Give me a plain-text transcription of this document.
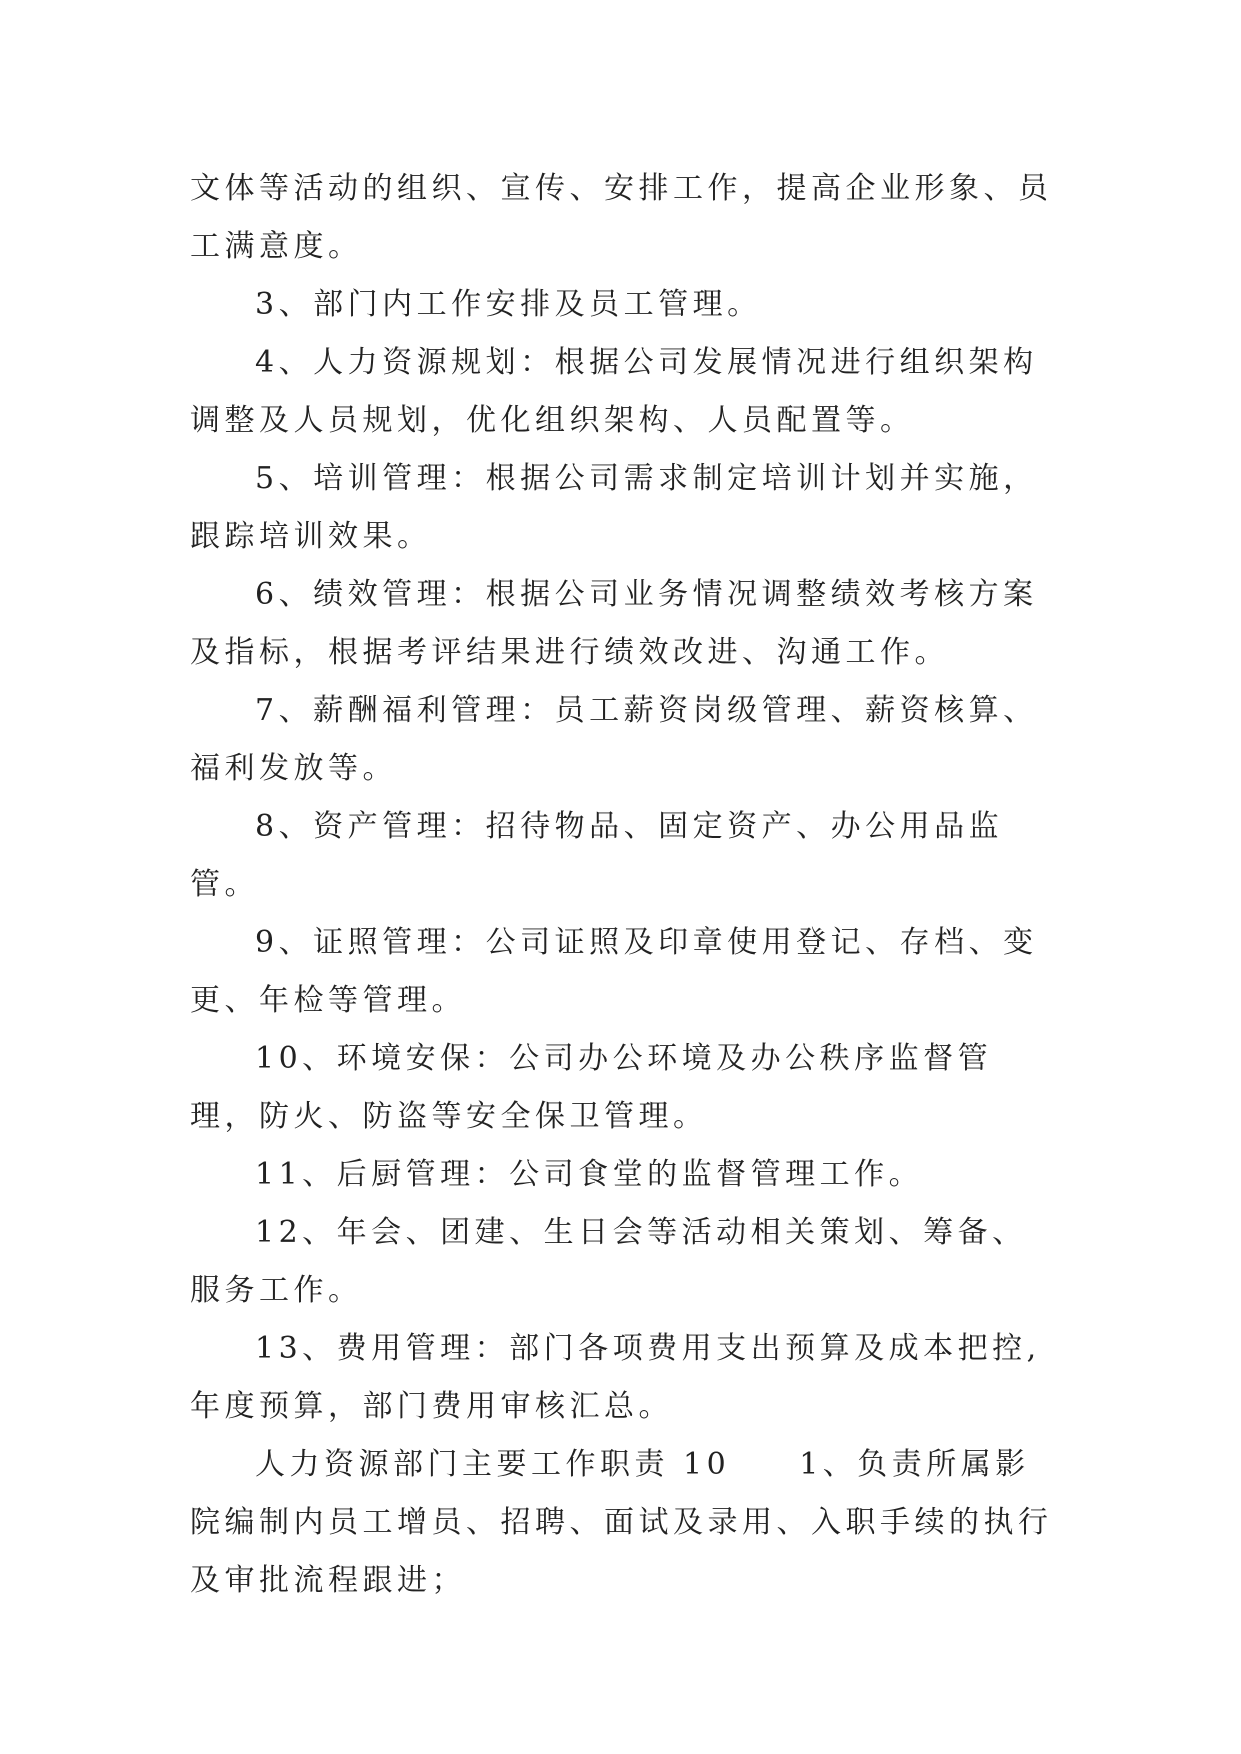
文体等活动的组织、宣传、安排工作，提高企业形象、员工满意度。

3、部门内工作安排及员工管理。

4、人力资源规划：根据公司发展情况进行组织架构调整及人员规划，优化组织架构、人员配置等。

5、培训管理：根据公司需求制定培训计划并实施，跟踪培训效果。

6、绩效管理：根据公司业务情况调整绩效考核方案及指标，根据考评结果进行绩效改进、沟通工作。

7、薪酬福利管理：员工薪资岗级管理、薪资核算、福利发放等。

8、资产管理：招待物品、固定资产、办公用品监管。

9、证照管理：公司证照及印章使用登记、存档、变更、年检等管理。

10、环境安保：公司办公环境及办公秩序监督管理，防火、防盗等安全保卫管理。

11、后厨管理：公司食堂的监督管理工作。

12、年会、团建、生日会等活动相关策划、筹备、服务工作。

13、费用管理：部门各项费用支出预算及成本把控,年度预算，部门费用审核汇总。

人力资源部门主要工作职责 10　　1、负责所属影院编制内员工增员、招聘、面试及录用、入职手续的执行及审批流程跟进；
